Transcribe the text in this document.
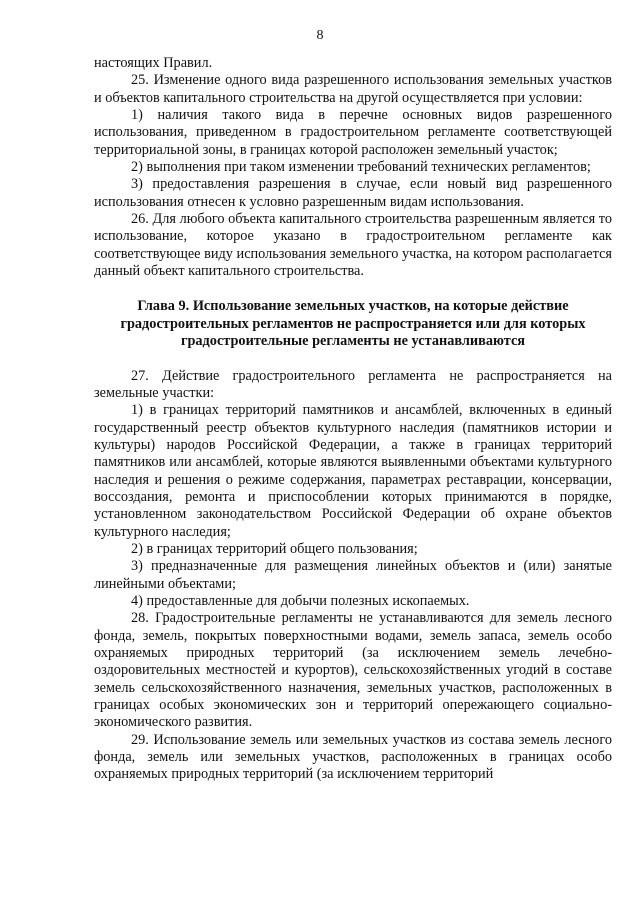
8

настоящих Правил.

25. Изменение одного вида разрешенного использования земельных участков и объектов капитального строительства на другой осуществляется при условии:

1) наличия такого вида в перечне основных видов разрешенного использования, приведенном в градостроительном регламенте соответствующей территориальной зоны, в границах которой расположен земельный участок;

2) выполнения при таком изменении требований технических регламентов;

3) предоставления разрешения в случае, если новый вид разрешенного использования отнесен к условно разрешенным видам использования.

26. Для любого объекта капитального строительства разрешенным является то использование, которое указано в градостроительном регламенте как соответствующее виду использования земельного участка, на котором располагается данный объект капитального строительства.

Глава 9. Использование земельных участков, на которые действие градостроительных регламентов не распространяется или для которых градостроительные регламенты не устанавливаются

27. Действие градостроительного регламента не распространяется на земельные участки:

1) в границах территорий памятников и ансамблей, включенных в единый государственный реестр объектов культурного наследия (памятников истории и культуры) народов Российской Федерации, а также в границах территорий памятников или ансамблей, которые являются выявленными объектами культурного наследия и решения о режиме содержания, параметрах реставрации, консервации, воссоздания, ремонта и приспособлении которых принимаются в порядке, установленном законодательством Российской Федерации об охране объектов культурного наследия;

2) в границах территорий общего пользования;

3) предназначенные для размещения линейных объектов и (или) занятые линейными объектами;

4) предоставленные для добычи полезных ископаемых.

28. Градостроительные регламенты не устанавливаются для земель лесного фонда, земель, покрытых поверхностными водами, земель запаса, земель особо охраняемых природных территорий (за исключением земель лечебно-оздоровительных местностей и курортов), сельскохозяйственных угодий в составе земель сельскохозяйственного назначения, земельных участков, расположенных в границах особых экономических зон и территорий опережающего социально-экономического развития.

29. Использование земель или земельных участков из состава земель лесного фонда, земель или земельных участков, расположенных в границах особо охраняемых природных территорий (за исключением территорий
